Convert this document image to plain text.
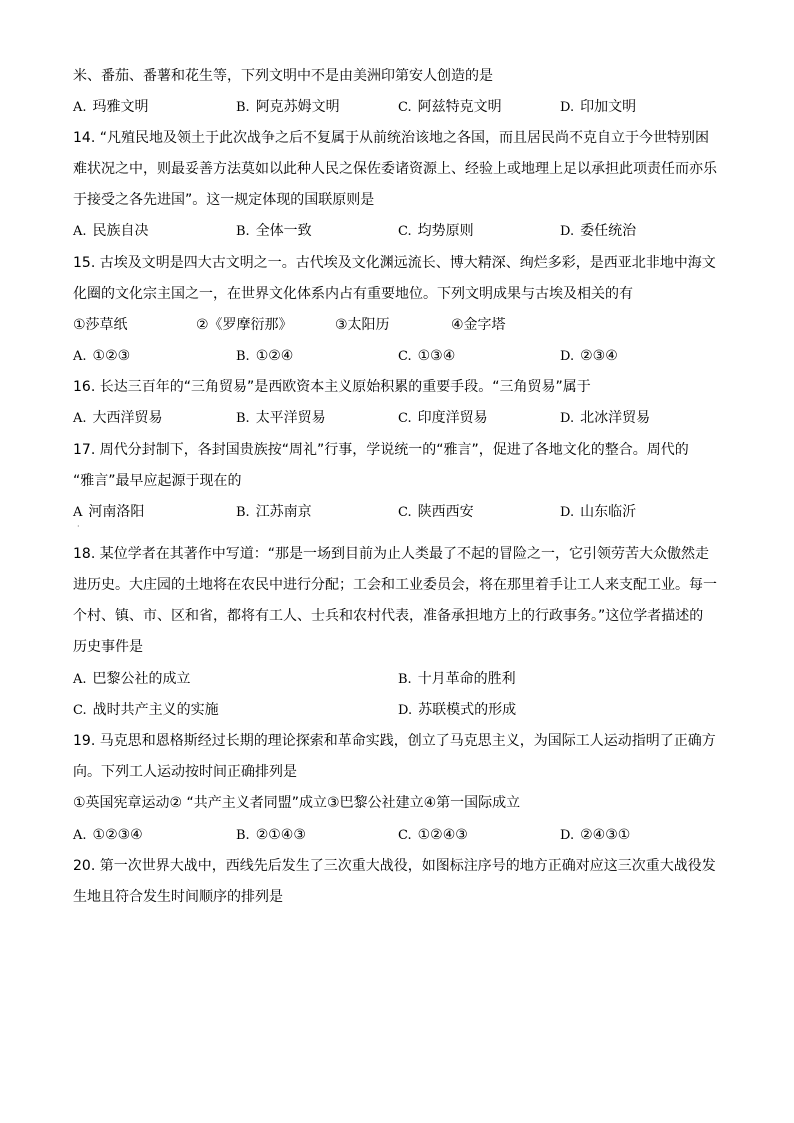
米、番茄、番薯和花生等，下列文明中不是由美洲印第安人创造的是
A. 玛雅文明	B. 阿克苏姆文明	C. 阿兹特克文明	D. 印加文明
14. “凡殖民地及领土于此次战争之后不复属于从前统治该地之各国，而且居民尚不克自立于今世特别困
难状况之中，则最妥善方法莫如以此种人民之保佐委诸资源上、经验上或地理上足以承担此项责任而亦乐
于接受之各先进国”。这一规定体现的国联原则是
A. 民族自决	B. 全体一致	C. 均势原则	D. 委任统治
15. 古埃及文明是四大古文明之一。古代埃及文化渊远流长、博大精深、绚烂多彩，是西亚北非地中海文
化圈的文化宗主国之一，在世界文化体系内占有重要地位。下列文明成果与古埃及相关的有
①莎草纸	②《罗摩衍那》	③太阳历	④金字塔
A. ①②③	B. ①②④	C. ①③④	D. ②③④
16. 长达三百年的“三角贸易”是西欧资本主义原始积累的重要手段。“三角贸易”属于
A. 大西洋贸易	B. 太平洋贸易	C. 印度洋贸易	D. 北冰洋贸易
17. 周代分封制下，各封国贵族按“周礼”行事，学说统一的“雅言”，促进了各地文化的整合。周代的
“雅言”最早应起源于现在的
A 河南洛阳	B. 江苏南京	C. 陕西西安	D. 山东临沂
·
18. 某位学者在其著作中写道：“那是一场到目前为止人类最了不起的冒险之一，它引领劳苦大众傲然走
进历史。大庄园的土地将在农民中进行分配；工会和工业委员会，将在那里着手让工人来支配工业。每一
个村、镇、市、区和省，都将有工人、士兵和农村代表，准备承担地方上的行政事务。”这位学者描述的
历史事件是
A. 巴黎公社的成立	B. 十月革命的胜利
C. 战时共产主义的实施	D. 苏联模式的形成
19. 马克思和恩格斯经过长期的理论探索和革命实践，创立了马克思主义，为国际工人运动指明了正确方
向。下列工人运动按时间正确排列是
①英国宪章运动② “共产主义者同盟”成立③巴黎公社建立④第一国际成立
A. ①②③④	B. ②①④③	C. ①②④③	D. ②④③①
20. 第一次世界大战中，西线先后发生了三次重大战役，如图标注序号的地方正确对应这三次重大战役发
生地且符合发生时间顺序的排列是
